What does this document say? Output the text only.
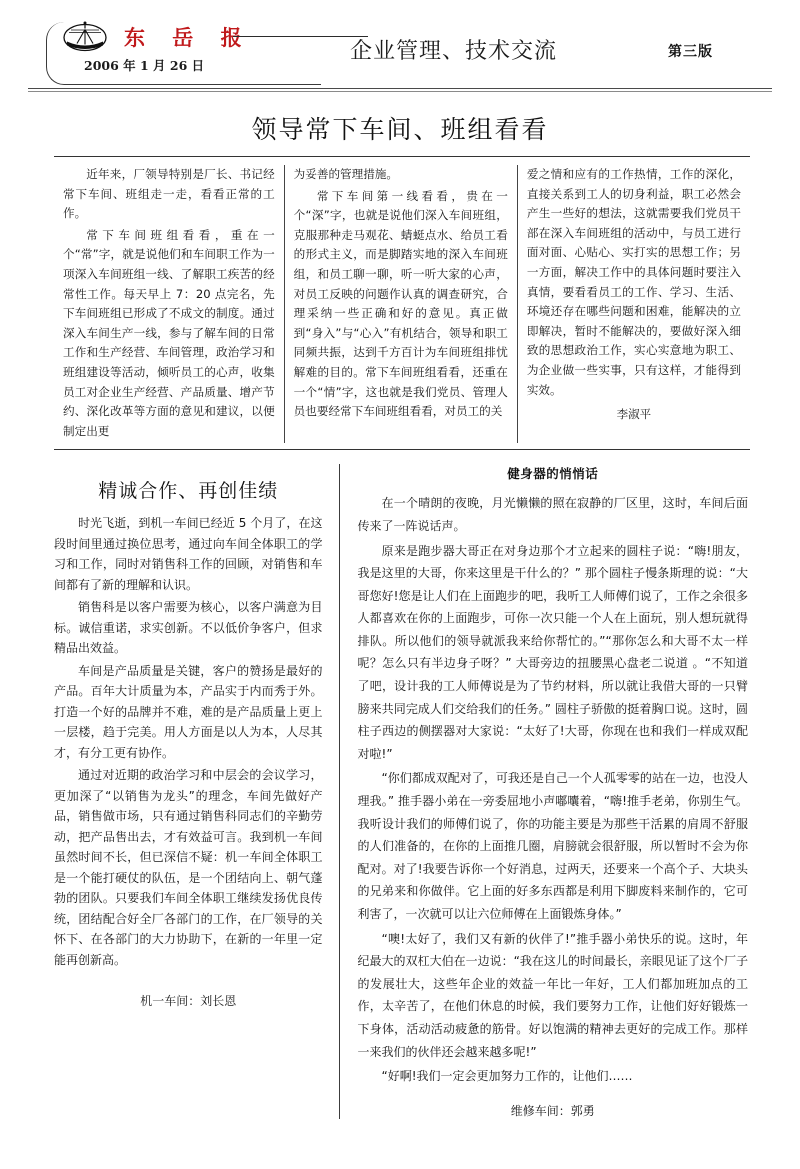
东 岳 报
2006 年 1 月 26 日
企业管理、技术交流	第三版
领导常下车间、班组看看

近年来，厂领导特别是厂长、书记经常下车间、班组走一走，看看正常的工作。

常下车间班组看看，重在一个“常”字，就是说他们和车间职工作为一项深入车间班组一线、了解职工疾苦的经常性工作。每天早上 7：20 点完名，先下车间班组已形成了不成文的制度。通过深入车间生产一线，参与了解车间的日常工作和生产经营、车间管理，政治学习和班组建设等活动，倾听员工的心声，收集员工对企业生产经营、产品质量、增产节约、深化改革等方面的意见和建议，以便制定出更

为妥善的管理措施。

常下车间第一线看看，贵在一个“深”字，也就是说他们深入车间班组，克服那种走马观花、蜻蜓点水、给员工看的形式主义，而是脚踏实地的深入车间班组，和员工聊一聊，听一听大家的心声，对员工反映的问题作认真的调查研究，合理采纳一些正确和好的意见。真正做到“身入”与“心入”有机结合，领导和职工同频共振，达到千方百计为车间班组排忧解难的目的。常下车间班组看看，还重在一个“情”字，这也就是我们党员、管理人员也要经常下车间班组看看，对员工的关

爱之情和应有的工作热情，工作的深化，直接关系到工人的切身利益，职工必然会产生一些好的想法，这就需要我们党员干部在深入车间班组的活动中，与员工进行面对面、心贴心、实打实的思想工作；另一方面，解决工作中的具体问题时要注入真情，要看看员工的工作、学习、生活、环境还存在哪些问题和困难，能解决的立即解决，暂时不能解决的，要做好深入细致的思想政治工作，实心实意地为职工、为企业做一些实事，只有这样，才能得到实效。

李淑平
精诚合作、再创佳绩

时光飞逝，到机一车间已经近 5 个月了，在这段时间里通过换位思考，通过向车间全体职工的学习和工作，同时对销售科工作的回顾，对销售和车间都有了新的理解和认识。

销售科是以客户需要为核心，以客户满意为目标。诚信重诺，求实创新。不以低价争客户，但求精品出效益。

车间是产品质量是关键，客户的赞扬是最好的产品。百年大计质量为本，产品实于内而秀于外。打造一个好的品牌并不难，难的是产品质量上更上一层楼，趋于完美。用人方面是以人为本，人尽其才，有分工更有协作。

通过对近期的政治学习和中层会的会议学习，更加深了“以销售为龙头”的理念，车间先做好产品，销售做市场，只有通过销售科同志们的辛勤劳动，把产品售出去，才有效益可言。我到机一车间虽然时间不长，但已深信不疑：机一车间全体职工是一个能打硬仗的队伍，是一个团结向上、朝气蓬勃的团队。只要我们车间全体职工继续发扬优良传统，团结配合好全厂各部门的工作，在厂领导的关怀下、在各部门的大力协助下，在新的一年里一定能再创新高。

机一车间：刘长恩
健身器的悄悄话

在一个晴朗的夜晚，月光懒懒的照在寂静的厂区里，这时，车间后面传来了一阵说话声。

原来是跑步器大哥正在对身边那个才立起来的圆柱子说：“嗨!朋友，我是这里的大哥，你来这里是干什么的？” 那个圆柱子慢条斯理的说：“大哥您好!您是让人们在上面跑步的吧，我听工人师傅们说了，工作之余很多人都喜欢在你的上面跑步，可你一次只能一个人在上面玩，别人想玩就得排队。所以他们的领导就派我来给你帮忙的。”“那你怎么和大哥不太一样呢？怎么只有半边身子呀？” 大哥旁边的扭腰黑心盘老二说道 。“不知道了吧，设计我的工人师傅说是为了节约材料，所以就让我借大哥的一只臂膀来共同完成人们交给我们的任务。” 圆柱子骄傲的挺着胸口说。这时，圆柱子西边的侧摆器对大家说：“太好了!大哥，你现在也和我们一样成双配对啦!”

“你们都成双配对了，可我还是自己一个人孤零零的站在一边，也没人理我。” 推手器小弟在一旁委屈地小声嘟囔着，“嗨!推手老弟，你别生气。我听设计我们的师傅们说了，你的功能主要是为那些干活累的肩周不舒服的人们准备的，在你的上面推几圈，肩膀就会很舒服，所以暂时不会为你配对。对了!我要告诉你一个好消息，过两天，还要来一个高个子、大块头的兄弟来和你做伴。它上面的好多东西都是利用下脚废料来制作的，它可利害了，一次就可以让六位师傅在上面锻炼身体。”

“噢!太好了，我们又有新的伙伴了!”推手器小弟快乐的说。这时，年纪最大的双杠大伯在一边说：“我在这儿的时间最长，亲眼见证了这个厂子的发展壮大，这些年企业的效益一年比一年好，工人们都加班加点的工作，太辛苦了，在他们休息的时候，我们要努力工作，让他们好好锻炼一下身体，活动活动疲惫的筋骨。好以饱满的精神去更好的完成工作。那样一来我们的伙伴还会越来越多呢!”

“好啊!我们一定会更加努力工作的，让他们……

维修车间：郭勇
